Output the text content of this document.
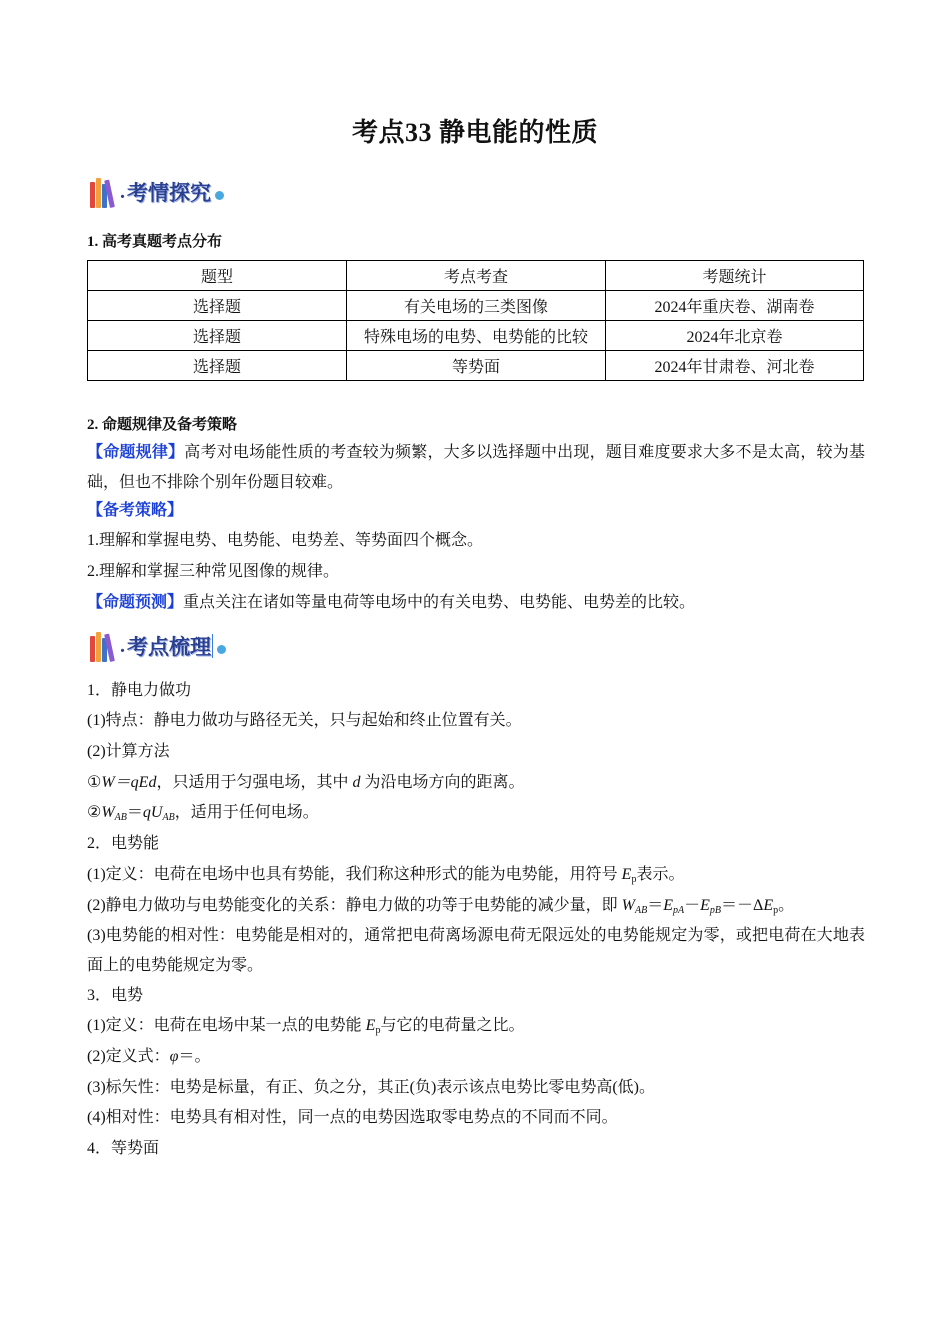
考点33 静电能的性质
. 考情探究
1. 高考真题考点分布
题型	考点考查	考题统计
选择题	有关电场的三类图像	2024年重庆卷、湖南卷
选择题	特殊电场的电势、电势能的比较	2024年北京卷
选择题	等势面	2024年甘肃卷、河北卷
2. 命题规律及备考策略
【命题规律】高考对电场能性质的考查较为频繁，大多以选择题中出现，题目难度要求大多不是太高，较为基础，但也不排除个别年份题目较难。
【备考策略】
1.理解和掌握电势、电势能、电势差、等势面四个概念。
2.理解和掌握三种常见图像的规律。
【命题预测】重点关注在诸如等量电荷等电场中的有关电势、电势能、电势差的比较。
. 考点梳理
1．静电力做功
(1)特点：静电力做功与路径无关，只与起始和终止位置有关。
(2)计算方法
①W＝qEd，只适用于匀强电场，其中 d 为沿电场方向的距离。
$②W_{AB}=qU_{AB}$，适用于任何电场。
2．电势能
(1)定义：电荷在电场中也具有势能，我们称这种形式的能为电势能，用符号 $E_p$表示。
(2)静电力做功与电势能变化的关系：静电力做的功等于电势能的减少量，即 $W_{AB}=E_{pA}-E_{pB}=-\Delta E_p$。
(3)电势能的相对性：电势能是相对的，通常把电荷离场源电荷无限远处的电势能规定为零，或把电荷在大地表面上的电势能规定为零。
3．电势
(1)定义：电荷在电场中某一点的电势能 $E_p$与它的电荷量之比。
(2)定义式：φ＝。
(3)标矢性：电势是标量，有正、负之分，其正(负)表示该点电势比零电势高(低)。
(4)相对性：电势具有相对性，同一点的电势因选取零电势点的不同而不同。
4．等势面
